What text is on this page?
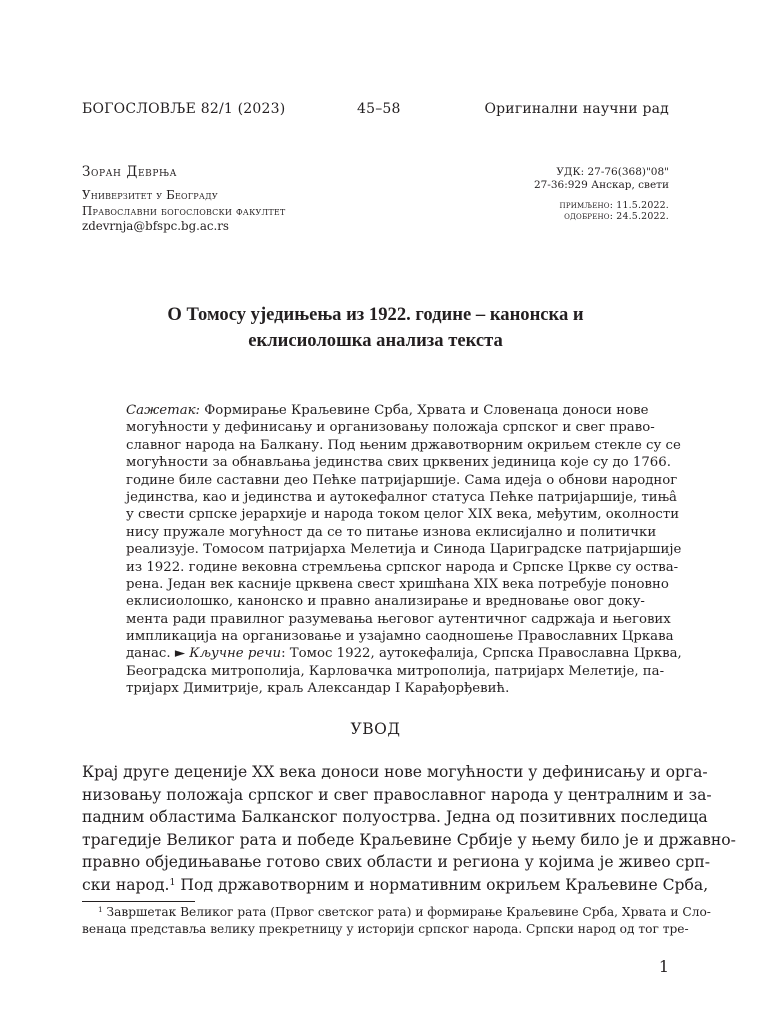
БОГОСЛОВЉЕ 82/1 (2023)	45–58	Оригинални научни рад
Зоран Деврња
Универзитет у Београду
Православни богословски факултет
zdevrnja@bfspc.bg.ac.rs
УДК: 27-76(368)"08"
27-36:929 Анскар, свети
примљено: 11.5.2022.
одобрено: 24.5.2022.
О Томосу уједињења из 1922. године – канонска и
еклисиолошка анализа текста
Сажетак: Формирање Краљевине Срба, Хрвата и Словенаца доноси нове
могућности у дефинисању и организовању положаја српског и свег право-
славног народа на Балкану. Под њеним државотворним окриљем стекле су се
могућности за обнављања јединства свих црквених јединица које су до 1766.
године биле саставни део Пећке патријаршије. Сама идеја о обнови народног
јединства, као и јединства и аутокефалног статуса Пећке патријаршије, тињâ
у свести српске јерархије и народа током целог XIX века, међутим, околности
нису пружале могућност да се то питање изнова еклисијално и политички
реализује. Томосом патријарха Мелетија и Синода Цариградске патријаршије
из 1922. године вековна стремљења српског народа и Српске Цркве су оства-
рена. Један век касније црквена свест хришћана XIX века потребује поновно
еклисиолошко, канонско и правно анализирање и вредновање овог доку-
мента ради правилног разумевања његовог аутентичног садржаја и његових
импликација на организовање и узајамно саодношење Православних Цркава
данас. ► Кључне речи: Томос 1922, аутокефалија, Српска Православна Црква,
Београдска митрополија, Карловачка митрополија, патријарх Мелетије, па-
тријарх Димитрије, краљ Александар I Карађорђевић.
УВОД
Крај друге деценије XX века доноси нове могућности у дефинисању и орга-
низовању положаја српског и свег православног народа у централним и за-
падним областима Балканског полуострва. Једна од позитивних последица
трагедије Великог рата и победе Краљевине Србије у њему било је и државно-
правно обједињавање готово свих области и региона у којима је живео срп-
ски народ.$^1$ Под државотворним и нормативним окриљем Краљевине Срба,
$^1$ Завршетак Великог рата (Првог светског рата) и формирање Краљевине Срба, Хрвата и Сло-
венаца представља велику прекретницу у историји српског народа. Српски народ од тог тре-
1
